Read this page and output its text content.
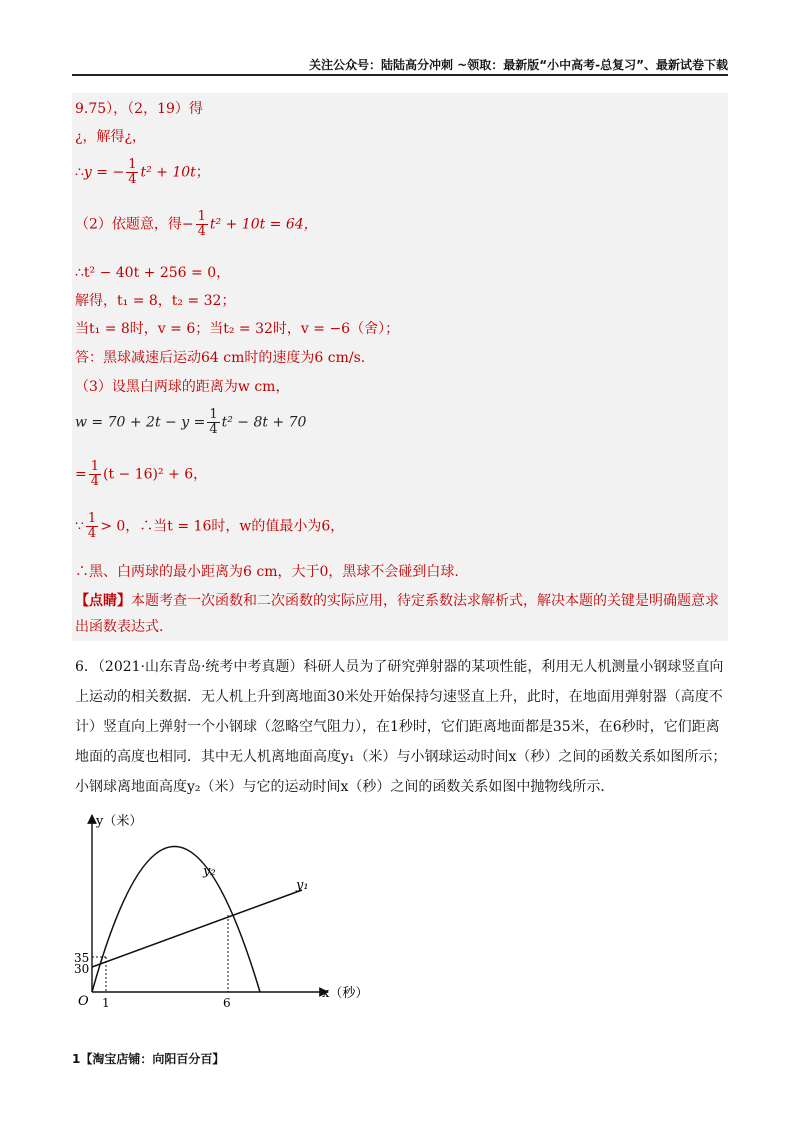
关注公众号：陆陆高分冲刺 ~领取：最新版“小中高考-总复习”、最新试卷下载
9.75），（2，19）得
¿，解得¿，
∴y = − $\frac{1}{4} t^2 + 10t$；
（2）依题意，得− $\frac{1}{4} t^2 + 10t = 64$，
∴t² − 40t + 256 = 0，
解得，t₁ = 8，t₂ = 32；
当t₁ = 8时，v = 6；当t₂ = 32时，v = −6（舍）；
答：黑球减速后运动64 cm时的速度为6 cm/s.
（3）设黑白两球的距离为w cm，
$w = 70 + 2t - y = \frac{1}{4} t^2 - 8t + 70$
= $\frac{1}{4} (t - 16)^2 + 6$，
∵ $\frac{1}{4} > 0$，∴当t = 16时，w的值最小为6，
∴黑、白两球的最小距离为6 cm，大于0，黑球不会碰到白球.
【点睛】本题考查一次函数和二次函数的实际应用，待定系数法求解析式，解决本题的关键是明确题意求出函数表达式.
6．（2021·山东青岛·统考中考真题）科研人员为了研究弹射器的某项性能，利用无人机测量小钢球竖直向上运动的相关数据．无人机上升到离地面30米处开始保持匀速竖直上升，此时，在地面用弹射器（高度不计）竖直向上弹射一个小钢球（忽略空气阻力），在1秒时，它们距离地面都是35米，在6秒时，它们距离地面的高度也相同．其中无人机离地面高度y₁（米）与小钢球运动时间x（秒）之间的函数关系如图所示；小钢球离地面高度y₂（米）与它的运动时间x（秒）之间的函数关系如图中抛物线所示．
y（米）
x（秒）
O
35
30
1	6
y₂
y₁
1【淘宝店铺：向阳百分百】
